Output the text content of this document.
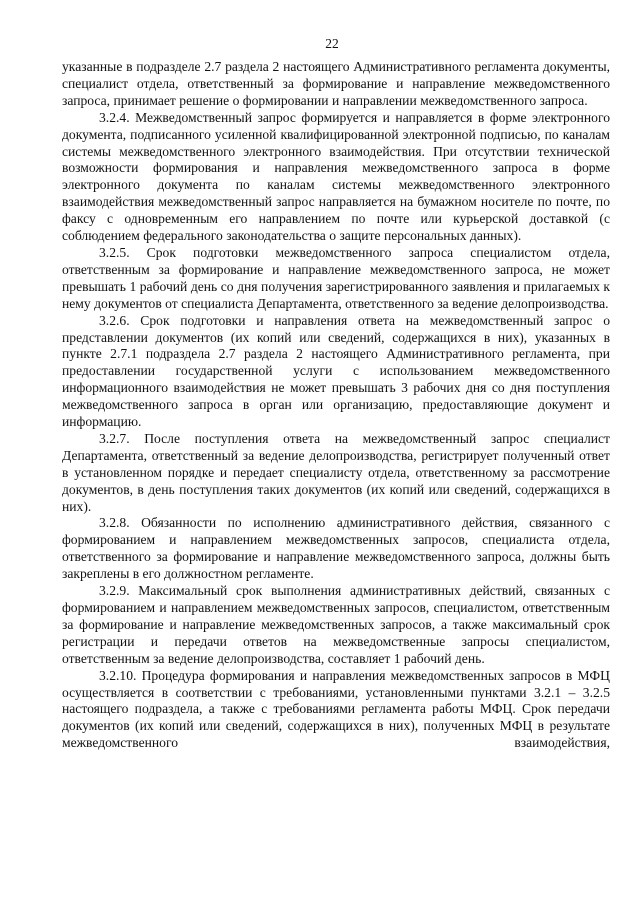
22

указанные в подразделе 2.7 раздела 2 настоящего Административного регламента документы, специалист отдела, ответственный за формирование и направление межведомственного запроса, принимает решение о формировании и направлении межведомственного запроса.

3.2.4. Межведомственный запрос формируется и направляется в форме электронного документа, подписанного усиленной квалифицированной электронной подписью, по каналам системы межведомственного электронного взаимодействия. При отсутствии технической возможности формирования и направления межведомственного запроса в форме электронного документа по каналам системы межведомственного электронного взаимодействия межведомственный запрос направляется на бумажном носителе по почте, по факсу с одновременным его направлением по почте или курьерской доставкой (с соблюдением федерального законодательства о защите персональных данных).

3.2.5. Срок подготовки межведомственного запроса специалистом отдела, ответственным за формирование и направление межведомственного запроса, не может превышать 1 рабочий день со дня получения зарегистрированного заявления и прилагаемых к нему документов от специалиста Департамента, ответственного за ведение делопроизводства.

3.2.6. Срок подготовки и направления ответа на межведомственный запрос о представлении документов (их копий или сведений, содержащихся в них), указанных в пункте 2.7.1 подраздела 2.7 раздела 2 настоящего Административного регламента, при предоставлении государственной услуги с использованием межведомственного информационного взаимодействия не может превышать 3 рабочих дня со дня поступления межведомственного запроса в орган или организацию, предоставляющие документ и информацию.

3.2.7. После поступления ответа на межведомственный запрос специалист Департамента, ответственный за ведение делопроизводства, регистрирует полученный ответ в установленном порядке и передает специалисту отдела, ответственному за рассмотрение документов, в день поступления таких документов (их копий или сведений, содержащихся в них).

3.2.8. Обязанности по исполнению административного действия, связанного с формированием и направлением межведомственных запросов, специалиста отдела, ответственного за формирование и направление межведомственного запроса, должны быть закреплены в его должностном регламенте.

3.2.9. Максимальный срок выполнения административных действий, связанных с формированием и направлением межведомственных запросов, специалистом, ответственным за формирование и направление межведомственных запросов, а также максимальный срок регистрации и передачи ответов на межведомственные запросы специалистом, ответственным за ведение делопроизводства, составляет 1 рабочий день.

3.2.10. Процедура формирования и направления межведомственных запросов в МФЦ осуществляется в соответствии с требованиями, установленными пунктами 3.2.1 – 3.2.5 настоящего подраздела, а также с требованиями регламента работы МФЦ. Срок передачи документов (их копий или сведений, содержащихся в них), полученных МФЦ в результате межведомственного взаимодействия,
